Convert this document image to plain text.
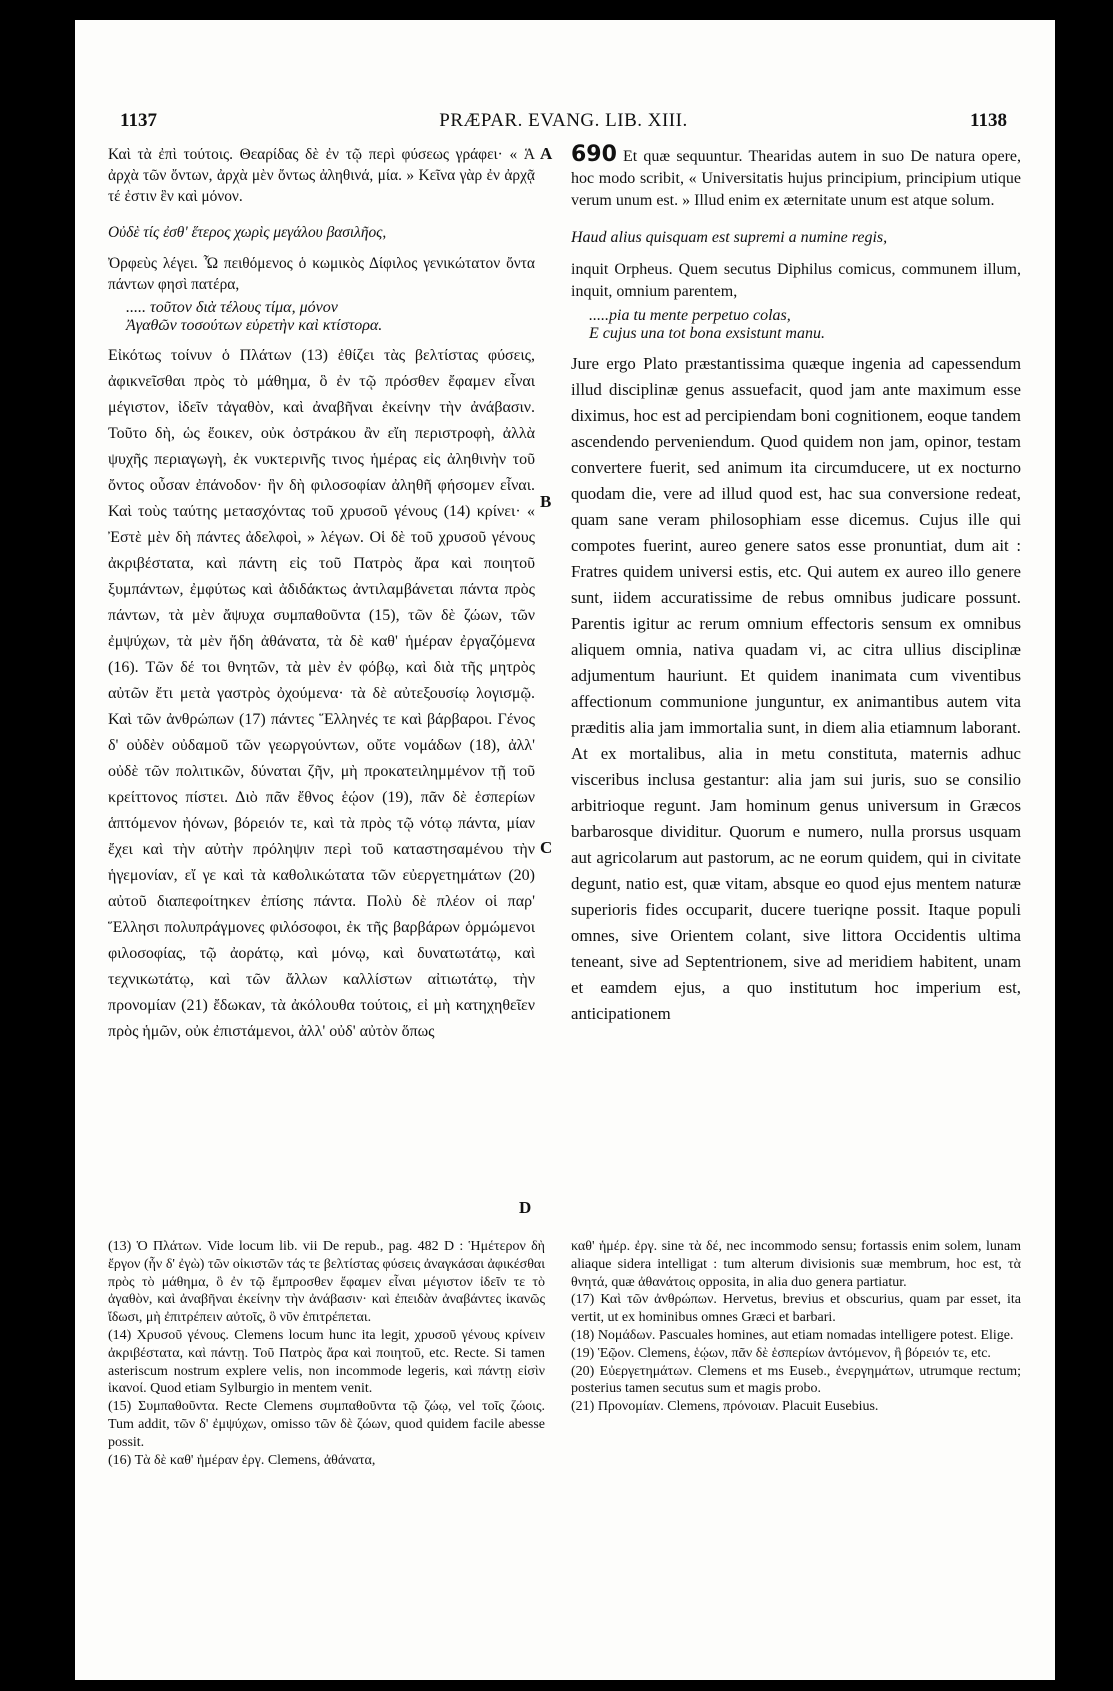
1137	PRÆPAR. EVANG. LIB. XIII.	1138
A
B
C
D

Καὶ τὰ ἐπὶ τούτοις. Θεαρίδας δὲ ἐν τῷ περὶ φύσεως γράφει· « Ἁ ἀρχὰ τῶν ὄντων, ἀρχὰ μὲν ὄντως ἀληθινά, μία. » Κεῖνα γὰρ ἐν ἀρχᾷ τέ ἐστιν ἓν καὶ μόνον.

Οὐδὲ τίς ἐσθ' ἕτερος χωρὶς μεγάλου βασιλῆος,

Ὀρφεὺς λέγει. Ὧ πειθόμενος ὁ κωμικὸς Δίφιλος γενικώτατον ὄντα πάντων φησὶ πατέρα,

..... τοῦτον διὰ τέλους τίμα, μόνον
Ἀγαθῶν τοσούτων εὑρετὴν καὶ κτίστορα.

Εἰκότως τοίνυν ὁ Πλάτων (13) ἐθίζει τὰς βελτίστας φύσεις, ἀφικνεῖσθαι πρὸς τὸ μάθημα, ὃ ἐν τῷ πρόσθεν ἔφαμεν εἶναι μέγιστον, ἰδεῖν τἀγαθὸν, καὶ ἀναβῆναι ἐκείνην τὴν ἀνάβασιν. Τοῦτο δὴ, ὡς ἔοικεν, οὐκ ὀστράκου ἂν εἴη περιστροφὴ, ἀλλὰ ψυχῆς περιαγωγὴ, ἐκ νυκτερινῆς τινος ἡμέρας εἰς ἀληθινὴν τοῦ ὄντος οὖσαν ἐπάνοδον· ἣν δὴ φιλοσοφίαν ἀληθῆ φήσομεν εἶναι. Καὶ τοὺς ταύτης μετασχόντας τοῦ χρυσοῦ γένους (14) κρίνει· « Ἐστὲ μὲν δὴ πάντες ἀδελφοὶ, » λέγων. Οἱ δὲ τοῦ χρυσοῦ γένους ἀκριβέστατα, καὶ πάντη εἰς τοῦ Πατρὸς ἄρα καὶ ποιητοῦ ξυμπάντων, ἐμφύτως καὶ ἀδιδάκτως ἀντιλαμβάνεται πάντα πρὸς πάντων, τὰ μὲν ἄψυχα συμπαθοῦντα (15), τῶν δὲ ζώων, τῶν ἐμψύχων, τὰ μὲν ἤδη ἀθάνατα, τὰ δὲ καθ' ἡμέραν ἐργαζόμενα (16). Τῶν δέ τοι θνητῶν, τὰ μὲν ἐν φόβῳ, καὶ διὰ τῆς μητρὸς αὐτῶν ἔτι μετὰ γαστρὸς ὀχούμενα· τὰ δὲ αὐτεξουσίῳ λογισμῷ. Καὶ τῶν ἀνθρώπων (17) πάντες Ἕλληνές τε καὶ βάρβαροι. Γένος δ' οὐδὲν οὐδαμοῦ τῶν γεωργούντων, οὔτε νομάδων (18), ἀλλ' οὐδὲ τῶν πολιτικῶν, δύναται ζῆν, μὴ προκατειλημμένον τῇ τοῦ κρείττονος πίστει. Διὸ πᾶν ἔθνος ἑῴον (19), πᾶν δὲ ἑσπερίων ἁπτόμενον ἠόνων, βόρειόν τε, καὶ τὰ πρὸς τῷ νότῳ πάντα, μίαν ἔχει καὶ τὴν αὐτὴν πρόληψιν περὶ τοῦ καταστησαμένου τὴν ἡγεμονίαν, εἴ γε καὶ τὰ καθολικώτατα τῶν εὐεργετημάτων (20) αὐτοῦ διαπεφοίτηκεν ἐπίσης πάντα. Πολὺ δὲ πλέον οἱ παρ' Ἕλλησι πολυπράγμονες φιλόσοφοι, ἐκ τῆς βαρβάρων ὁρμώμενοι φιλοσοφίας, τῷ ἀοράτῳ, καὶ μόνῳ, καὶ δυνατωτάτῳ, καὶ τεχνικωτάτῳ, καὶ τῶν ἄλλων καλλίστων αἰτιωτάτῳ, τὴν προνομίαν (21) ἔδωκαν, τὰ ἀκόλουθα τούτοις, εἰ μὴ κατηχηθεῖεν πρὸς ἡμῶν, οὐκ ἐπιστάμενοι, ἀλλ' οὐδ' αὐτὸν ὅπως

690 Et quæ sequuntur. Thearidas autem in suo De natura opere, hoc modo scribit, « Universitatis hujus principium, principium utique verum unum est. » Illud enim ex æternitate unum est atque solum.

Haud alius quisquam est supremi a numine regis,

inquit Orpheus. Quem secutus Diphilus comicus, communem illum, inquit, omnium parentem,

.....pia tu mente perpetuo colas,
E cujus una tot bona exsistunt manu.

Jure ergo Plato præstantissima quæque ingenia ad capessendum illud disciplinæ genus assuefacit, quod jam ante maximum esse diximus, hoc est ad percipiendam boni cognitionem, eoque tandem ascendendo perveniendum. Quod quidem non jam, opinor, testam convertere fuerit, sed animum ita circumducere, ut ex nocturno quodam die, vere ad illud quod est, hac sua conversione redeat, quam sane veram philosophiam esse dicemus. Cujus ille qui compotes fuerint, aureo genere satos esse pronuntiat, dum ait : Fratres quidem universi estis, etc. Qui autem ex aureo illo genere sunt, iidem accuratissime de rebus omnibus judicare possunt. Parentis igitur ac rerum omnium effectoris sensum ex omnibus aliquem omnia, nativa quadam vi, ac citra ullius disciplinæ adjumentum hauriunt. Et quidem inanimata cum viventibus affectionum communione junguntur, ex animantibus autem vita præditis alia jam immortalia sunt, in diem alia etiamnum laborant. At ex mortalibus, alia in metu constituta, maternis adhuc visceribus inclusa gestantur: alia jam sui juris, suo se consilio arbitrioque regunt. Jam hominum genus universum in Græcos barbarosque dividitur. Quorum e numero, nulla prorsus usquam aut agricolarum aut pastorum, ac ne eorum quidem, qui in civitate degunt, natio est, quæ vitam, absque eo quod ejus mentem naturæ superioris fides occuparit, ducere tueriqne possit. Itaque populi omnes, sive Orientem colant, sive littora Occidentis ultima teneant, sive ad Septentrionem, sive ad meridiem habitent, unam et eamdem ejus, a quo institutum hoc imperium est, anticipationem

(13) Ὁ Πλάτων. Vide locum lib. vii De repub., pag. 482 D : Ἡμέτερον δὴ ἔργον (ἦν δ' ἐγὼ) τῶν οἰκιστῶν τάς τε βελτίστας φύσεις ἀναγκάσαι ἀφικέσθαι πρὸς τὸ μάθημα, ὃ ἐν τῷ ἔμπροσθεν ἔφαμεν εἶναι μέγιστον ἰδεῖν τε τὸ ἀγαθὸν, καὶ ἀναβῆναι ἐκείνην τὴν ἀνάβασιν· καὶ ἐπειδὰν ἀναβάντες ἱκανῶς ἴδωσι, μὴ ἐπιτρέπειν αὐτοῖς, ὃ νῦν ἐπιτρέπεται.

(14) Χρυσοῦ γένους. Clemens locum hunc ita legit, χρυσοῦ γένους κρίνειν ἀκριβέστατα, καὶ πάντῃ. Τοῦ Πατρὸς ἄρα καὶ ποιητοῦ, etc. Recte. Si tamen asteriscum nostrum explere velis, non incommode legeris, καὶ πάντῃ εἰσὶν ἱκανοί. Quod etiam Sylburgio in mentem venit.

(15) Συμπαθοῦντα. Recte Clemens συμπαθοῦντα τῷ ζώῳ, vel τοῖς ζώοις. Tum addit, τῶν δ' ἐμψύχων, omisso τῶν δὲ ζώων, quod quidem facile abesse possit.

(16) Τὰ δὲ καθ' ἡμέραν ἐργ. Clemens, ἀθάνατα,

καθ' ἡμέρ. ἐργ. sine τὰ δέ, nec incommodo sensu; fortassis enim solem, lunam aliaque sidera intelligat : tum alterum divisionis suæ membrum, hoc est, τὰ θνητά, quæ ἀθανάτοις opposita, in alia duo genera partiatur.

(17) Καὶ τῶν ἀνθρώπων. Hervetus, brevius et obscurius, quam par esset, ita vertit, ut ex hominibus omnes Græci et barbari.

(18) Νομάδων. Pascuales homines, aut etiam nomadas intelligere potest. Elige.

(19) Ἑῷον. Clemens, ἑῴων, πᾶν δὲ ἑσπερίων ἀντόμενον, ἢ βόρειόν τε, etc.

(20) Εὐεργετημάτων. Clemens et ms Euseb., ἐνεργημάτων, utrumque rectum; posterius tamen secutus sum et magis probo.

(21) Προνομίαν. Clemens, πρόνοιαν. Placuit Eusebius.
